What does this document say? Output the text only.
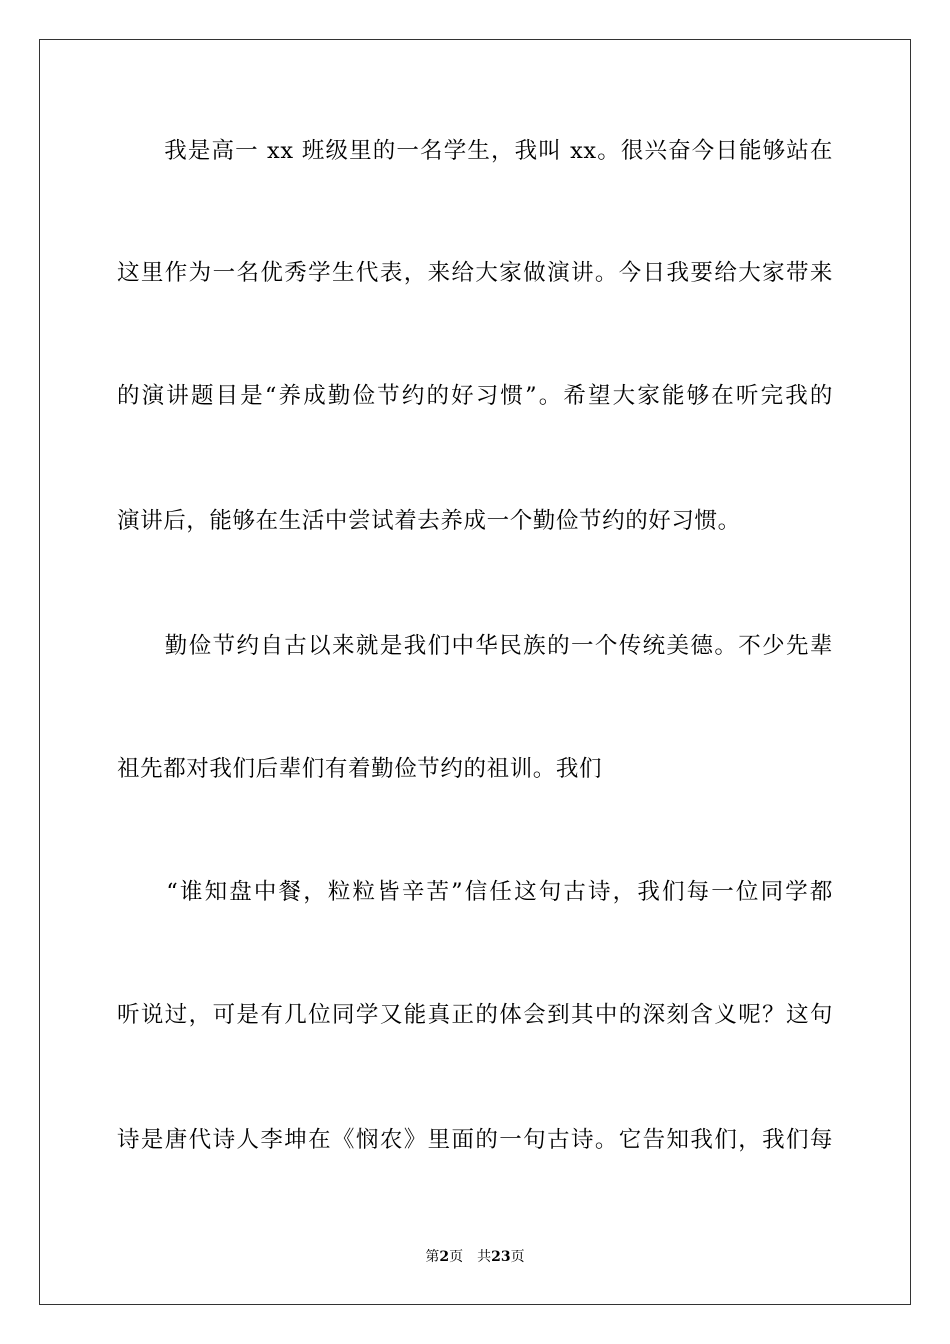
　　我是高一 xx 班级里的一名学生，我叫 xx。很兴奋今日能够站在
这里作为一名优秀学生代表，来给大家做演讲。今日我要给大家带来
的演讲题目是“养成勤俭节约的好习惯”。希望大家能够在听完我的
演讲后，能够在生活中尝试着去养成一个勤俭节约的好习惯。
　　勤俭节约自古以来就是我们中华民族的一个传统美德。不少先辈
祖先都对我们后辈们有着勤俭节约的祖训。我们
　　“谁知盘中餐，粒粒皆辛苦”信任这句古诗，我们每一位同学都
听说过，可是有几位同学又能真正的体会到其中的深刻含义呢？这句
诗是唐代诗人李坤在《悯农》里面的一句古诗。它告知我们，我们每
第2页　共23页
